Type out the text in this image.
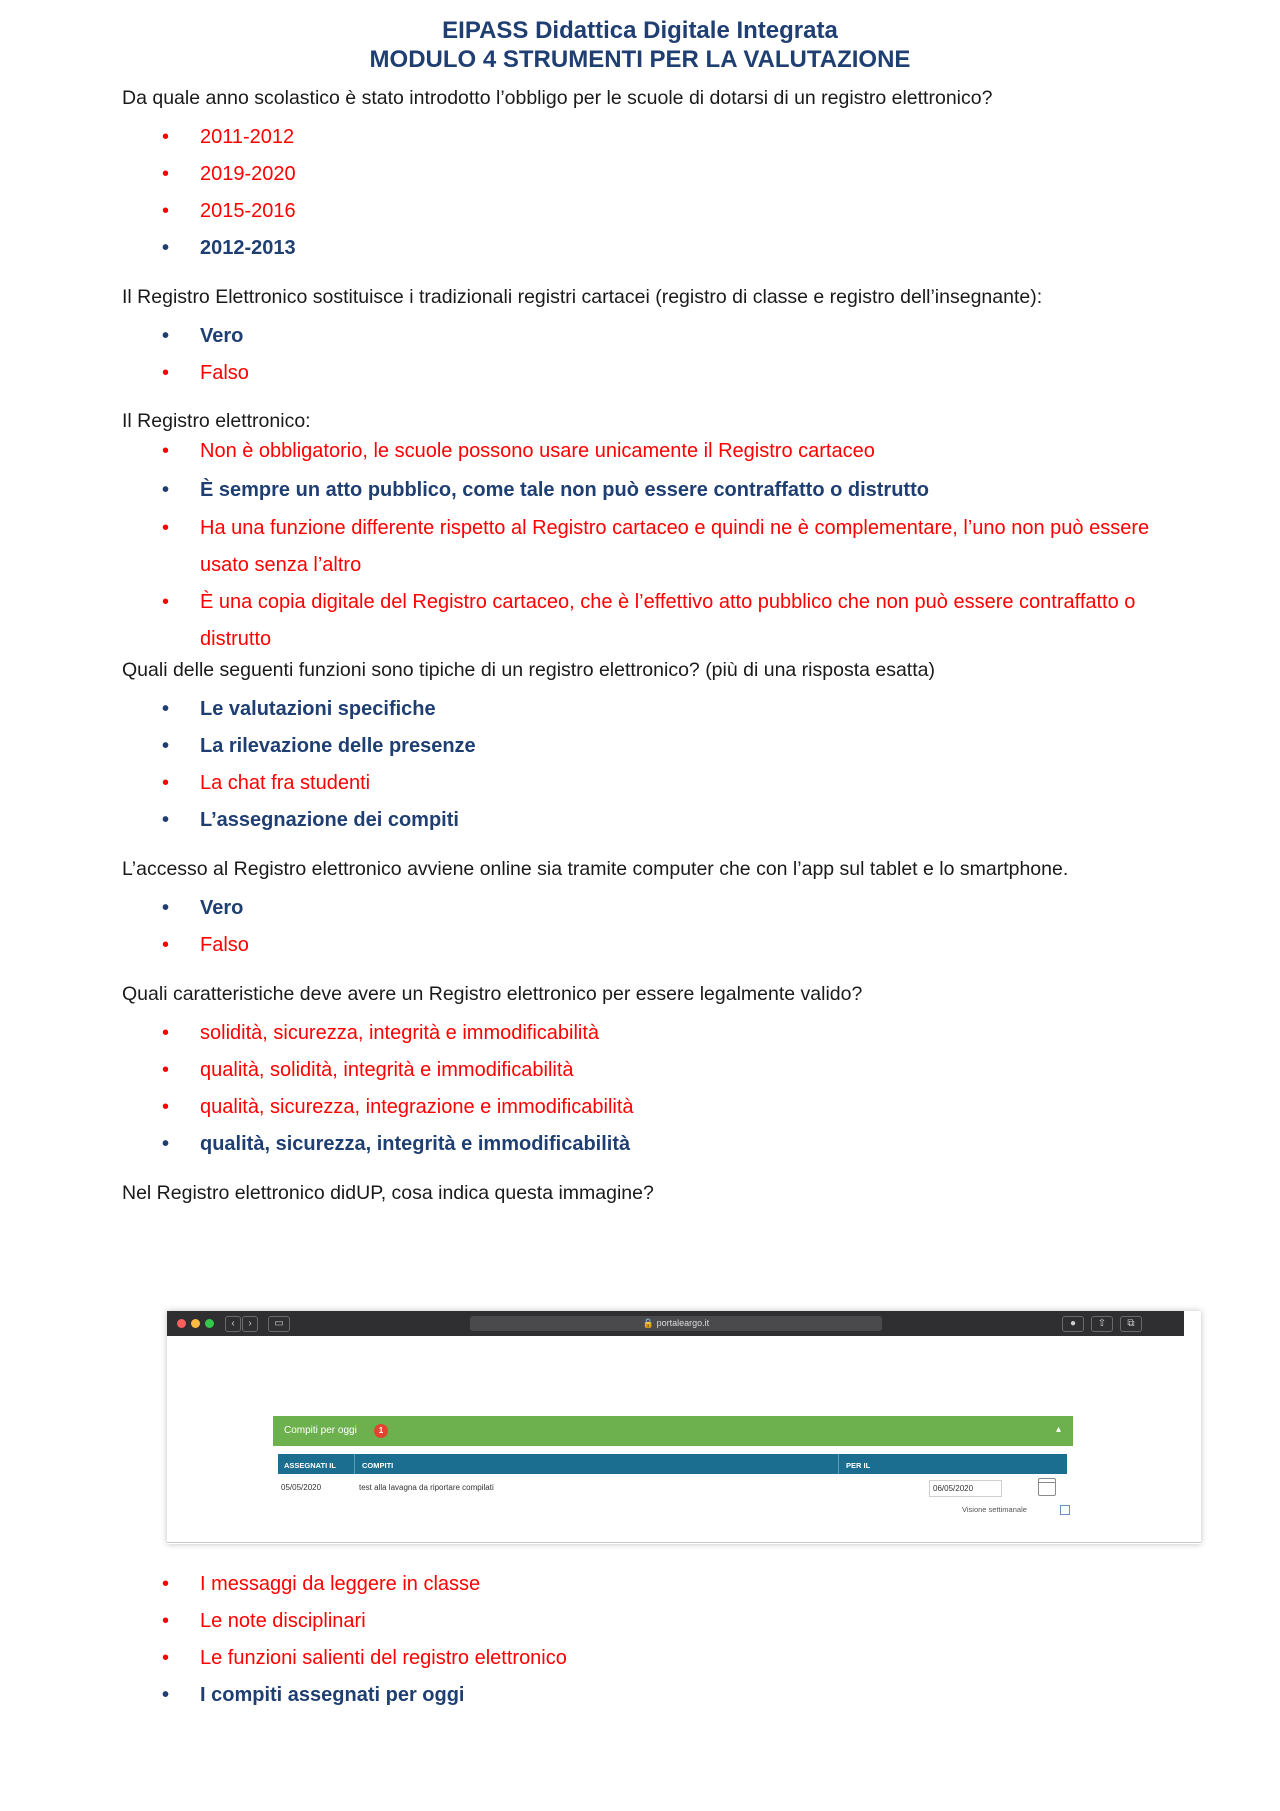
EIPASS Didattica Digitale Integrata

MODULO 4 STRUMENTI PER LA VALUTAZIONE

Da quale anno scolastico è stato introdotto l’obbligo per le scuole di dotarsi di un registro elettronico?

• 2011-2012
• 2019-2020
• 2015-2016
• 2012-2013

Il Registro Elettronico sostituisce i tradizionali registri cartacei (registro di classe e registro dell’insegnante):

• Vero
• Falso

Il Registro elettronico:

• Non è obbligatorio, le scuole possono usare unicamente il Registro cartaceo
• È sempre un atto pubblico, come tale non può essere contraffatto o distrutto
• Ha una funzione differente rispetto al Registro cartaceo e quindi ne è complementare, l’uno non può essere usato senza l’altro
• È una copia digitale del Registro cartaceo, che è l’effettivo atto pubblico che non può essere contraffatto o distrutto

Quali delle seguenti funzioni sono tipiche di un registro elettronico? (più di una risposta esatta)

• Le valutazioni specifiche
• La rilevazione delle presenze
• La chat fra studenti
• L’assegnazione dei compiti

L’accesso al Registro elettronico avviene online sia tramite computer che con l’app sul tablet e lo smartphone.

• Vero
• Falso

Quali caratteristiche deve avere un Registro elettronico per essere legalmente valido?

• solidità, sicurezza, integrità e immodificabilità
• qualità, solidità, integrità e immodificabilità
• qualità, sicurezza, integrazione e immodificabilità
• qualità, sicurezza, integrità e immodificabilità

Nel Registro elettronico didUP, cosa indica questa immagine?

‹	›	▭	🔒 portaleargo.it	●	⇧	⧉
Compiti per oggi	1	▴
ASSEGNATI IL	COMPITI	PER IL
05/05/2020	test alla lavagna da riportare compilati	06/05/2020
Visione settimanale
• I messaggi da leggere in classe
• Le note disciplinari
• Le funzioni salienti del registro elettronico
• I compiti assegnati per oggi
